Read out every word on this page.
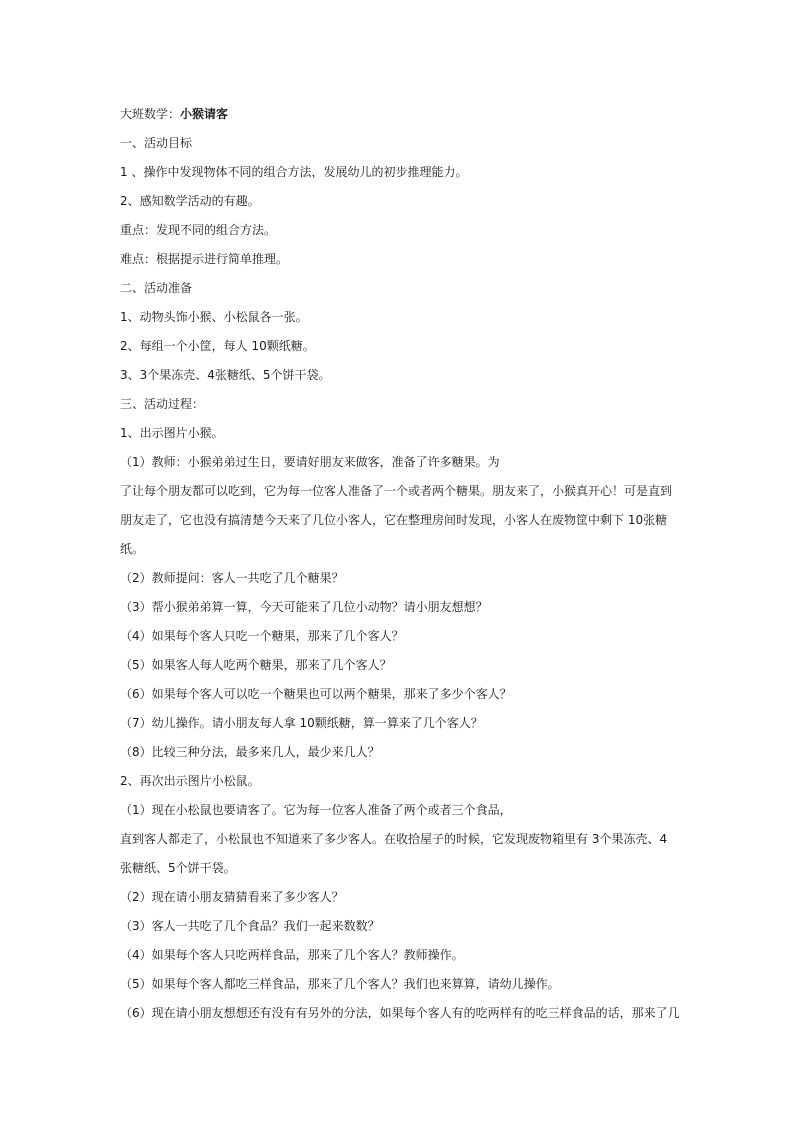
大班数学：小猴请客
一、活动目标
1 、操作中发现物体不同的组合方法，发展幼儿的初步推理能力。
2、感知数学活动的有趣。
重点：发现不同的组合方法。
难点：根据提示进行简单推理。
二、活动准备
1、动物头饰小猴、小松鼠各一张。
2、每组一个小筐，每人 10颗纸糖。
3、3个果冻壳、4张糖纸、5个饼干袋。
三、活动过程：
1、出示图片小猴。
（1）教师：小猴弟弟过生日，要请好朋友来做客，准备了许多糖果。为
了让每个朋友都可以吃到，它为每一位客人准备了一个或者两个糖果。朋友来了，小猴真开心！可是直到
朋友走了，它也没有搞清楚今天来了几位小客人，它在整理房间时发现，小客人在废物筐中剩下 10张糖
纸。
（2）教师提问：客人一共吃了几个糖果？
（3）帮小猴弟弟算一算，今天可能来了几位小动物？请小朋友想想？
（4）如果每个客人只吃一个糖果，那来了几个客人？
（5）如果客人每人吃两个糖果，那来了几个客人？
（6）如果每个客人可以吃一个糖果也可以两个糖果，那来了多少个客人？
（7）幼儿操作。请小朋友每人拿 10颗纸糖，算一算来了几个客人？
（8）比较三种分法，最多来几人，最少来几人？
2、再次出示图片小松鼠。
（1）现在小松鼠也要请客了。它为每一位客人准备了两个或者三个食品，
直到客人都走了，小松鼠也不知道来了多少客人。在收拾屋子的时候，它发现废物箱里有 3个果冻壳、4
张糖纸、5个饼干袋。
（2）现在请小朋友猜猜看来了多少客人？
（3）客人一共吃了几个食品？我们一起来数数？
（4）如果每个客人只吃两样食品，那来了几个客人？教师操作。
（5）如果每个客人都吃三样食品，那来了几个客人？我们也来算算，请幼儿操作。
（6）现在请小朋友想想还有没有有另外的分法，如果每个客人有的吃两样有的吃三样食品的话，那来了几
